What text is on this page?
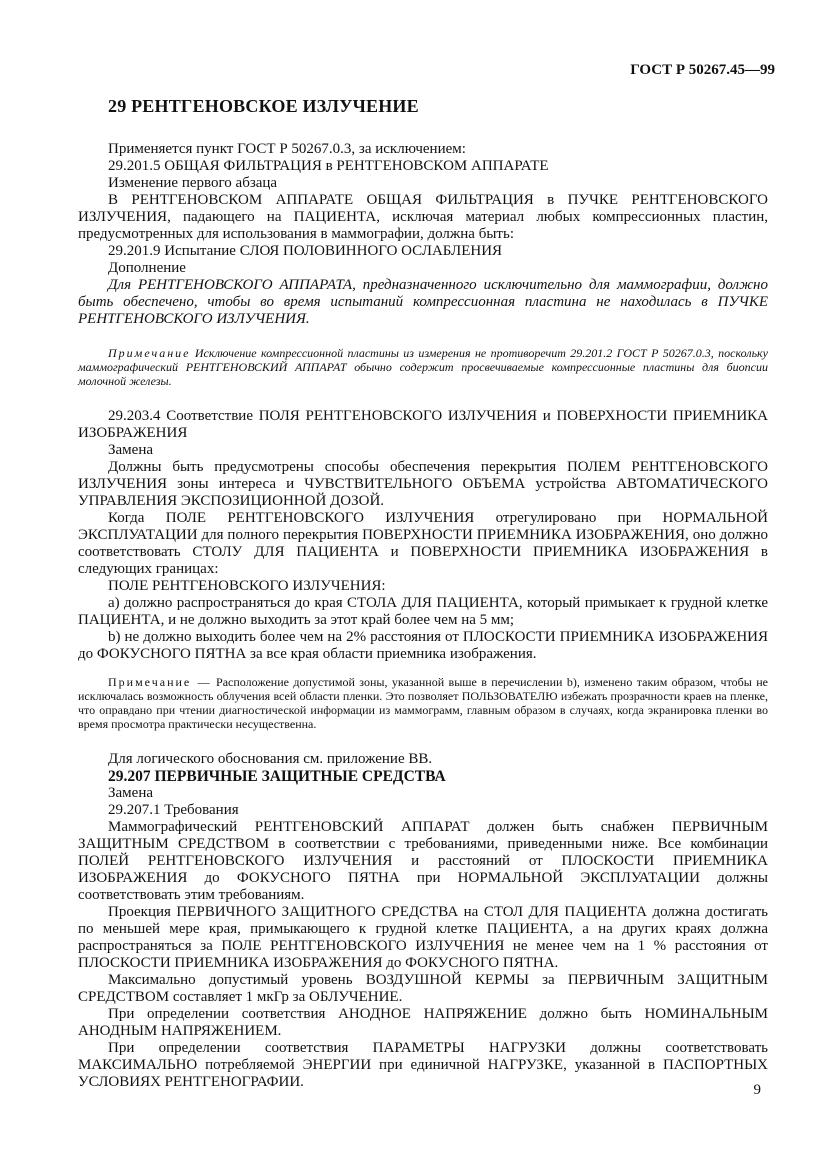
ГОСТ Р 50267.45—99
29 РЕНТГЕНОВСКОЕ ИЗЛУЧЕНИЕ

Применяется пункт ГОСТ Р 50267.0.3, за исключением:

29.201.5 ОБЩАЯ ФИЛЬТРАЦИЯ в РЕНТГЕНОВСКОМ АППАРАТЕ

Изменение первого абзаца

В РЕНТГЕНОВСКОМ АППАРАТЕ ОБЩАЯ ФИЛЬТРАЦИЯ в ПУЧКЕ РЕНТГЕНОВСКОГО ИЗЛУЧЕНИЯ, падающего на ПАЦИЕНТА, исключая материал любых компрессионных пластин, предусмотренных для использования в маммографии, должна быть:

29.201.9 Испытание СЛОЯ ПОЛОВИННОГО ОСЛАБЛЕНИЯ

Дополнение

Для РЕНТГЕНОВСКОГО АППАРАТА, предназначенного исключительно для маммографии, должно быть обеспечено, чтобы во время испытаний компрессионная пластина не находилась в ПУЧКЕ РЕНТГЕНОВСКОГО ИЗЛУЧЕНИЯ.

Примечание Исключение компрессионной пластины из измерения не противоречит 29.201.2 ГОСТ Р 50267.0.3, поскольку маммографический РЕНТГЕНОВСКИЙ АППАРАТ обычно содержит просвечиваемые компрессионные пластины для биопсии молочной железы.

29.203.4 Соответствие ПОЛЯ РЕНТГЕНОВСКОГО ИЗЛУЧЕНИЯ и ПОВЕРХНОСТИ ПРИЕМНИКА ИЗОБРАЖЕНИЯ

Замена

Должны быть предусмотрены способы обеспечения перекрытия ПОЛЕМ РЕНТГЕНОВСКОГО ИЗЛУЧЕНИЯ зоны интереса и ЧУВСТВИТЕЛЬНОГО ОБЪЕМА устройства АВТОМАТИЧЕСКОГО УПРАВЛЕНИЯ ЭКСПОЗИЦИОННОЙ ДОЗОЙ.

Когда ПОЛЕ РЕНТГЕНОВСКОГО ИЗЛУЧЕНИЯ отрегулировано при НОРМАЛЬНОЙ ЭКСПЛУАТАЦИИ для полного перекрытия ПОВЕРХНОСТИ ПРИЕМНИКА ИЗОБРАЖЕНИЯ, оно должно соответствовать СТОЛУ ДЛЯ ПАЦИЕНТА и ПОВЕРХНОСТИ ПРИЕМНИКА ИЗОБРАЖЕНИЯ в следующих границах:

ПОЛЕ РЕНТГЕНОВСКОГО ИЗЛУЧЕНИЯ:

а) должно распространяться до края СТОЛА ДЛЯ ПАЦИЕНТА, который примыкает к грудной клетке ПАЦИЕНТА, и не должно выходить за этот край более чем на 5 мм;

b) не должно выходить более чем на 2% расстояния от ПЛОСКОСТИ ПРИЕМНИКА ИЗОБРАЖЕНИЯ до ФОКУСНОГО ПЯТНА за все края области приемника изображения.

Примечание — Расположение допустимой зоны, указанной выше в перечислении b), изменено таким образом, чтобы не исключалась возможность облучения всей области пленки. Это позволяет ПОЛЬЗОВАТЕЛЮ избежать прозрачности краев на пленке, что оправдано при чтении диагностической информации из маммограмм, главным образом в случаях, когда экранировка пленки во время просмотра практически несущественна.

Для логического обоснования см. приложение ВВ.

29.207 ПЕРВИЧНЫЕ ЗАЩИТНЫЕ СРЕДСТВА

Замена

29.207.1 Требования

Маммографический РЕНТГЕНОВСКИЙ АППАРАТ должен быть снабжен ПЕРВИЧНЫМ ЗАЩИТНЫМ СРЕДСТВОМ в соответствии с требованиями, приведенными ниже. Все комбинации ПОЛЕЙ РЕНТГЕНОВСКОГО ИЗЛУЧЕНИЯ и расстояний от ПЛОСКОСТИ ПРИЕМНИКА ИЗОБРАЖЕНИЯ до ФОКУСНОГО ПЯТНА при НОРМАЛЬНОЙ ЭКСПЛУАТАЦИИ должны соответствовать этим требованиям.

Проекция ПЕРВИЧНОГО ЗАЩИТНОГО СРЕДСТВА на СТОЛ ДЛЯ ПАЦИЕНТА должна достигать по меньшей мере края, примыкающего к грудной клетке ПАЦИЕНТА, а на других краях должна распространяться за ПОЛЕ РЕНТГЕНОВСКОГО ИЗЛУЧЕНИЯ не менее чем на 1 % расстояния от ПЛОСКОСТИ ПРИЕМНИКА ИЗОБРАЖЕНИЯ до ФОКУСНОГО ПЯТНА.

Максимально допустимый уровень ВОЗДУШНОЙ КЕРМЫ за ПЕРВИЧНЫМ ЗАЩИТНЫМ СРЕДСТВОМ составляет 1 мкГр за ОБЛУЧЕНИЕ.

При определении соответствия АНОДНОЕ НАПРЯЖЕНИЕ должно быть НОМИНАЛЬНЫМ АНОДНЫМ НАПРЯЖЕНИЕМ.

При определении соответствия ПАРАМЕТРЫ НАГРУЗКИ должны соответствовать МАКСИМАЛЬНО потребляемой ЭНЕРГИИ при единичной НАГРУЗКЕ, указанной в ПАСПОРТНЫХ УСЛОВИЯХ РЕНТГЕНОГРАФИИ.	9
